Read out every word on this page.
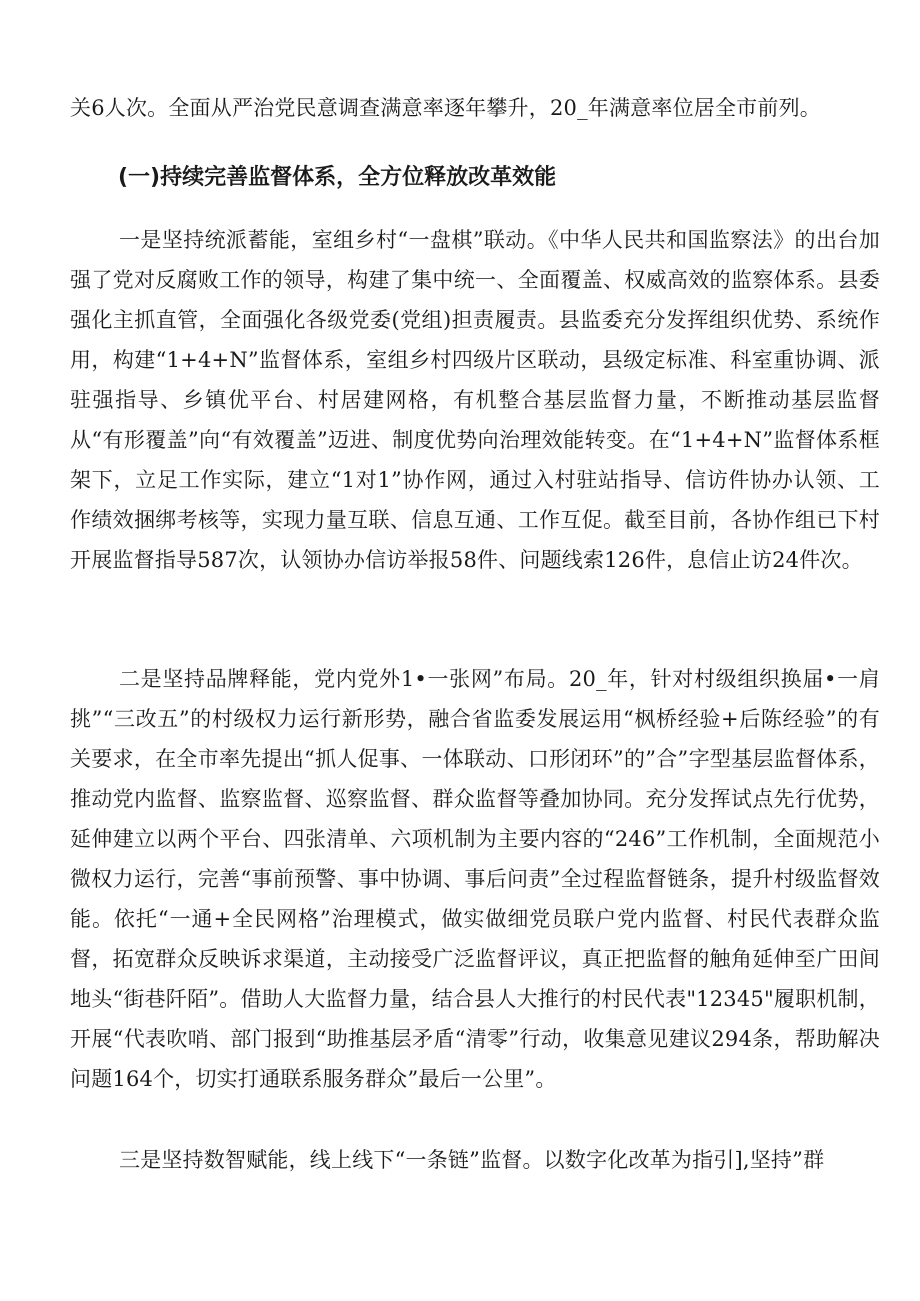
关6人次。全面从严治党民意调查满意率逐年攀升，20_年满意率位居全市前列。

(一)持续完善监督体系，全方位释放改革效能

一是坚持统派蓄能，室组乡村“一盘棋”联动。《中华人民共和国监察法》的出台加强了党对反腐败工作的领导，构建了集中统一、全面覆盖、权威高效的监察体系。县委强化主抓直管，全面强化各级党委(党组)担责履责。县监委充分发挥组织优势、系统作用，构建“1+4+N”监督体系，室组乡村四级片区联动，县级定标准、科室重协调、派驻强指导、乡镇优平台、村居建网格，有机整合基层监督力量，不断推动基层监督从“有形覆盖”向“有效覆盖”迈进、制度优势向治理效能转变。在“1+4+N”监督体系框架下，立足工作实际，建立“1对1”协作网，通过入村驻站指导、信访件协办认领、工作绩效捆绑考核等，实现力量互联、信息互通、工作互促。截至目前，各协作组已下村开展监督指导587次，认领协办信访举报58件、问题线索126件，息信止访24件次。

二是坚持品牌释能，党内党外1•一张网”布局。20_年，针对村级组织换届•一肩挑”“三改五”的村级权力运行新形势，融合省监委发展运用“枫桥经验+后陈经验”的有关要求，在全市率先提出“抓人促事、一体联动、口形闭环”的”合”字型基层监督体系，推动党内监督、监察监督、巡察监督、群众监督等叠加协同。充分发挥试点先行优势，延伸建立以两个平台、四张清单、六项机制为主要内容的“246”工作机制，全面规范小微权力运行，完善“事前预警、事中协调、事后问责”全过程监督链条，提升村级监督效能。依托“一通+全民网格”治理模式，做实做细党员联户党内监督、村民代表群众监督，拓宽群众反映诉求渠道，主动接受广泛监督评议，真正把监督的触角延伸至广田间地头“街巷阡陌”。借助人大监督力量，结合县人大推行的村民代表"12345"履职机制，开展“代表吹哨、部门报到“助推基层矛盾“清零”行动，收集意见建议294条，帮助解决问题164个，切实打通联系服务群众”最后一公里”。

三是坚持数智赋能，线上线下“一条链”监督。以数字化改革为指引],坚持”群
